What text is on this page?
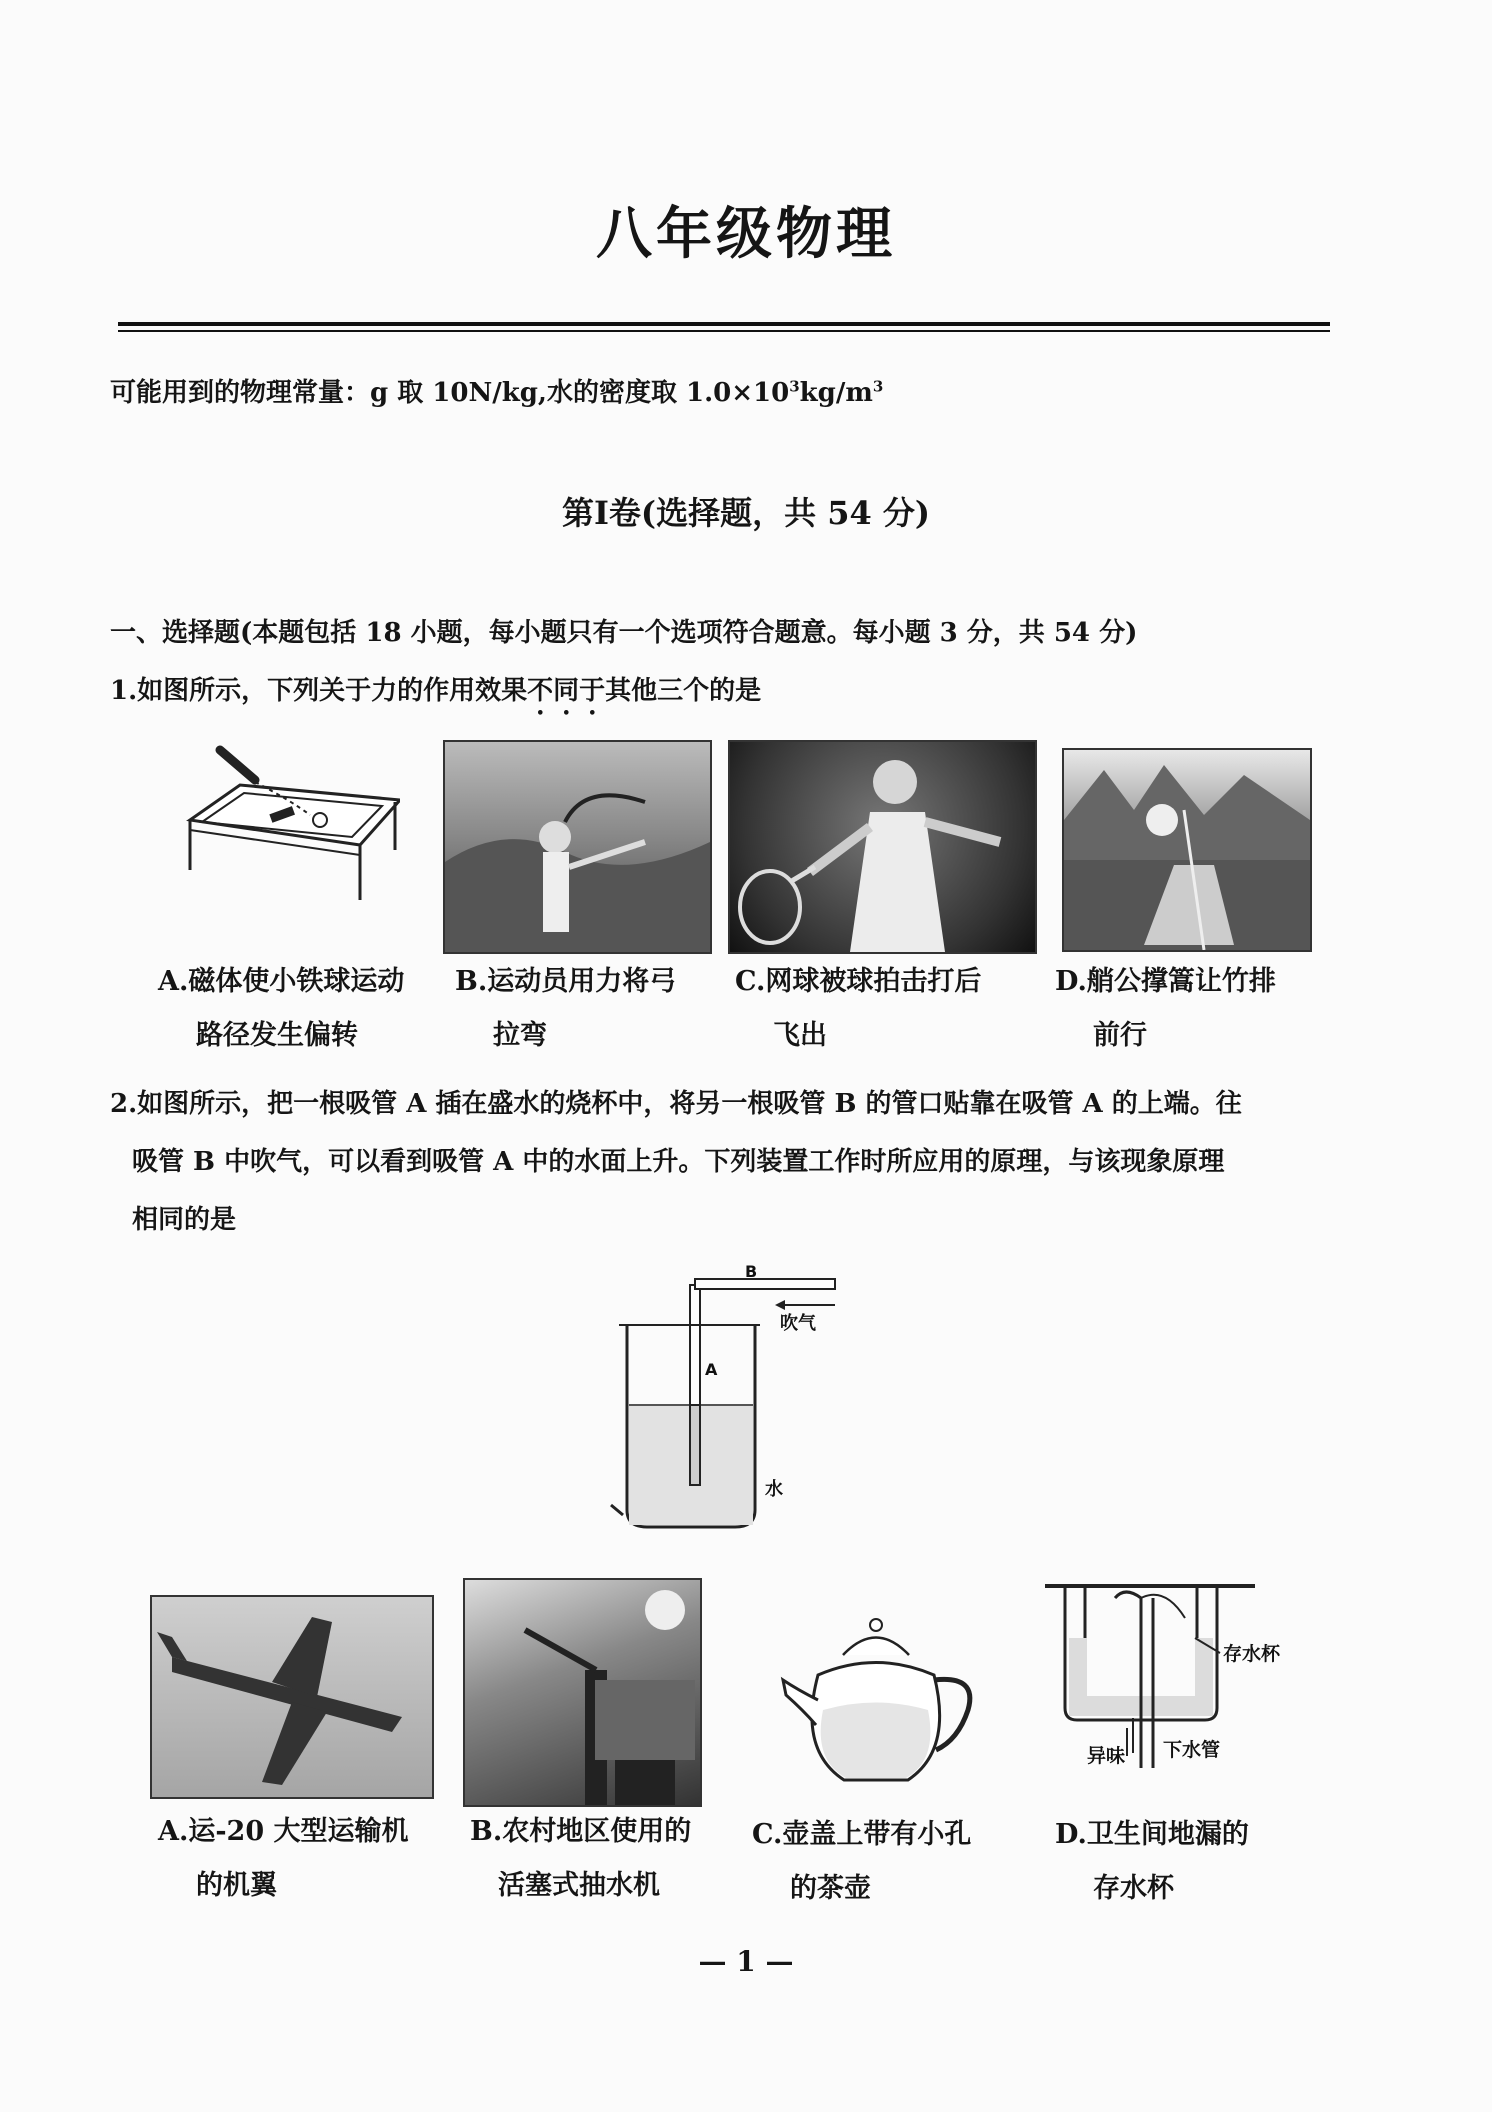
八年级物理
可能用到的物理常量：g 取 10N/kg,水的密度取 $1.0\times 10^3kg/m^3$
第Ⅰ卷(选择题，共 54 分)
一、选择题(本题包括 18 小题，每小题只有一个选项符合题意。每小题 3 分，共 54 分)
1.如图所示，下列关于力的作用效果不同于其他三个的是
A.磁体使小铁球运动
路径发生偏转
B.运动员用力将弓
拉弯
C.网球被球拍击打后
飞出
D.艄公撑篙让竹排
前行
2.如图所示，把一根吸管 A 插在盛水的烧杯中，将另一根吸管 B 的管口贴靠在吸管 A 的上端。往
吸管 B 中吹气，可以看到吸管 A 中的水面上升。下列装置工作时所应用的原理，与该现象原理
相同的是
B
吹气
A
水
存水杯
异味 下水管
A.运-20 大型运输机
的机翼
B.农村地区使用的
活塞式抽水机
C.壶盖上带有小孔
的茶壶
D.卫生间地漏的
存水杯
— 1 —
